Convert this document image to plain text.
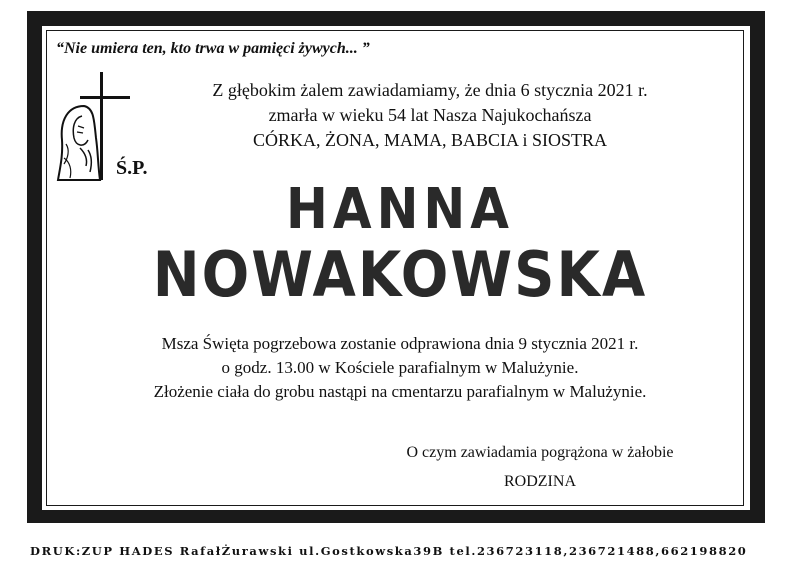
“Nie umiera ten, kto trwa w pamięci żywych... ”
Ś.P.
Z głębokim żalem zawiadamiamy, że dnia 6 stycznia 2021 r.
zmarła w wieku 54 lat Nasza Najukochańsza
CÓRKA, ŻONA, MAMA, BABCIA i SIOSTRA
HANNA
NOWAKOWSKA
Msza Święta pogrzebowa zostanie odprawiona dnia 9 stycznia 2021 r.
o godz. 13.00 w Kościele parafialnym w Malużynie.
Złożenie ciała do grobu nastąpi na cmentarzu parafialnym w Malużynie.
O czym zawiadamia pogrążona w żałobie
RODZINA
DRUK:ZUP HADES RafałŻurawski ul.Gostkowska39B tel.236723118,236721488,662198820
